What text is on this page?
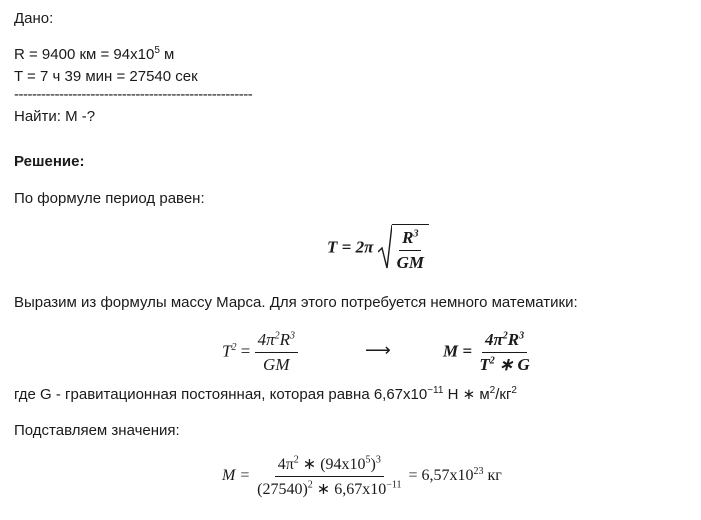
Дано:
R = 9400 км = $94х10^5$ м
T = 7 ч 39 мин = 27540 сек
-----------------------------------------------------
Найти: М -?
Решение:
По формуле период равен:
$T = 2\pi \frac{R^3}{GM}$
Выразим из формулы массу Марса. Для этого потребуется немного математики:
$T^2 = \frac{4\pi^2R^3}{GM}$	⟶	$M = \frac{4\pi^2R^3}{T^2 ∗ G}$
где G - гравитационная постоянная, которая равна $6,67х10^{-11}$ Н ∗ $м^2/кг^2$
Подставляем значения:
$M = \frac{4\pi^2 ∗ (94х10^5)^3}{(27540)^2 ∗ 6,67х10^{-11}} = 6,57х10^{23}$ кг
